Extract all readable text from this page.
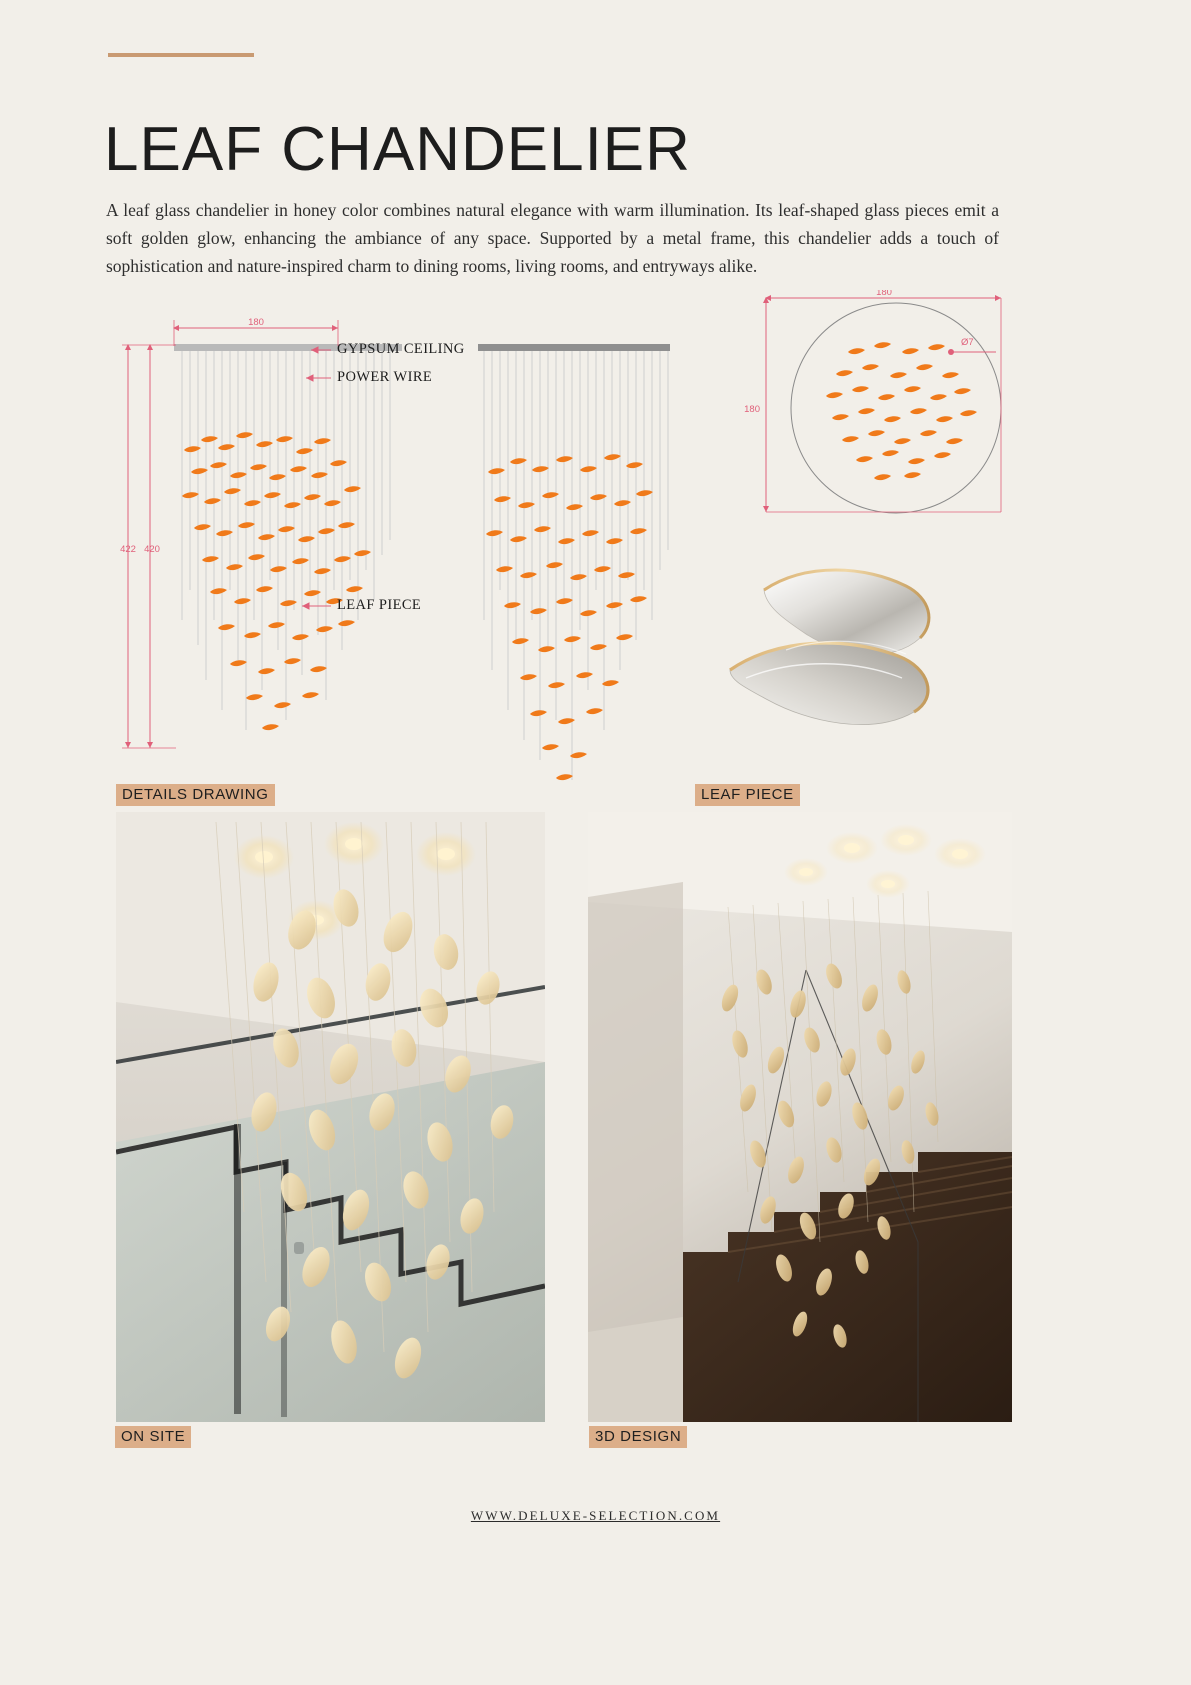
LEAF CHANDELIER

A leaf glass chandelier in honey color combines natural elegance with warm illumination. Its leaf-shaped glass pieces emit a soft golden glow, enhancing the ambiance of any space. Supported by a metal frame, this chandelier adds a touch of sophistication and nature-inspired charm to dining rooms, living rooms, and entryways alike.

180
422 420
180
180
Ø7
GYPSUM CEILING
POWER WIRE
LEAF PIECE
DETAILS DRAWING	LEAF PIECE
ON SITE	3D DESIGN
WWW.DELUXE-SELECTION.COM
